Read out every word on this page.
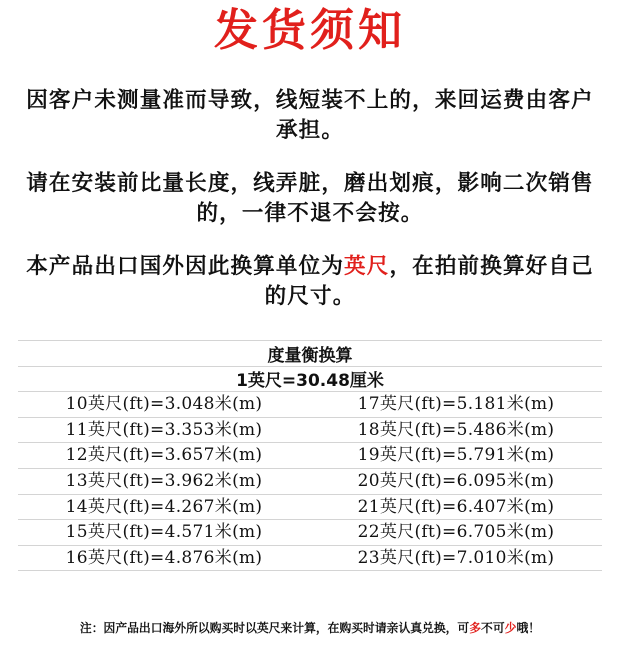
发货须知
因客户未测量准而导致，线短装不上的，来回运费由客户承担。
请在安装前比量长度，线弄脏，磨出划痕，影响二次销售的，一律不退不会按。
本产品出口国外因此换算单位为英尺，在拍前换算好自己的尺寸。
度量衡换算
1英尺=30.48厘米
10英尺(ft)=3.048米(m)	17英尺(ft)=5.181米(m)
11英尺(ft)=3.353米(m)	18英尺(ft)=5.486米(m)
12英尺(ft)=3.657米(m)	19英尺(ft)=5.791米(m)
13英尺(ft)=3.962米(m)	20英尺(ft)=6.095米(m)
14英尺(ft)=4.267米(m)	21英尺(ft)=6.407米(m)
15英尺(ft)=4.571米(m)	22英尺(ft)=6.705米(m)
16英尺(ft)=4.876米(m)	23英尺(ft)=7.010米(m)
注：因产品出口海外所以购买时以英尺来计算，在购买时请亲认真兑换，可多不可少哦！
